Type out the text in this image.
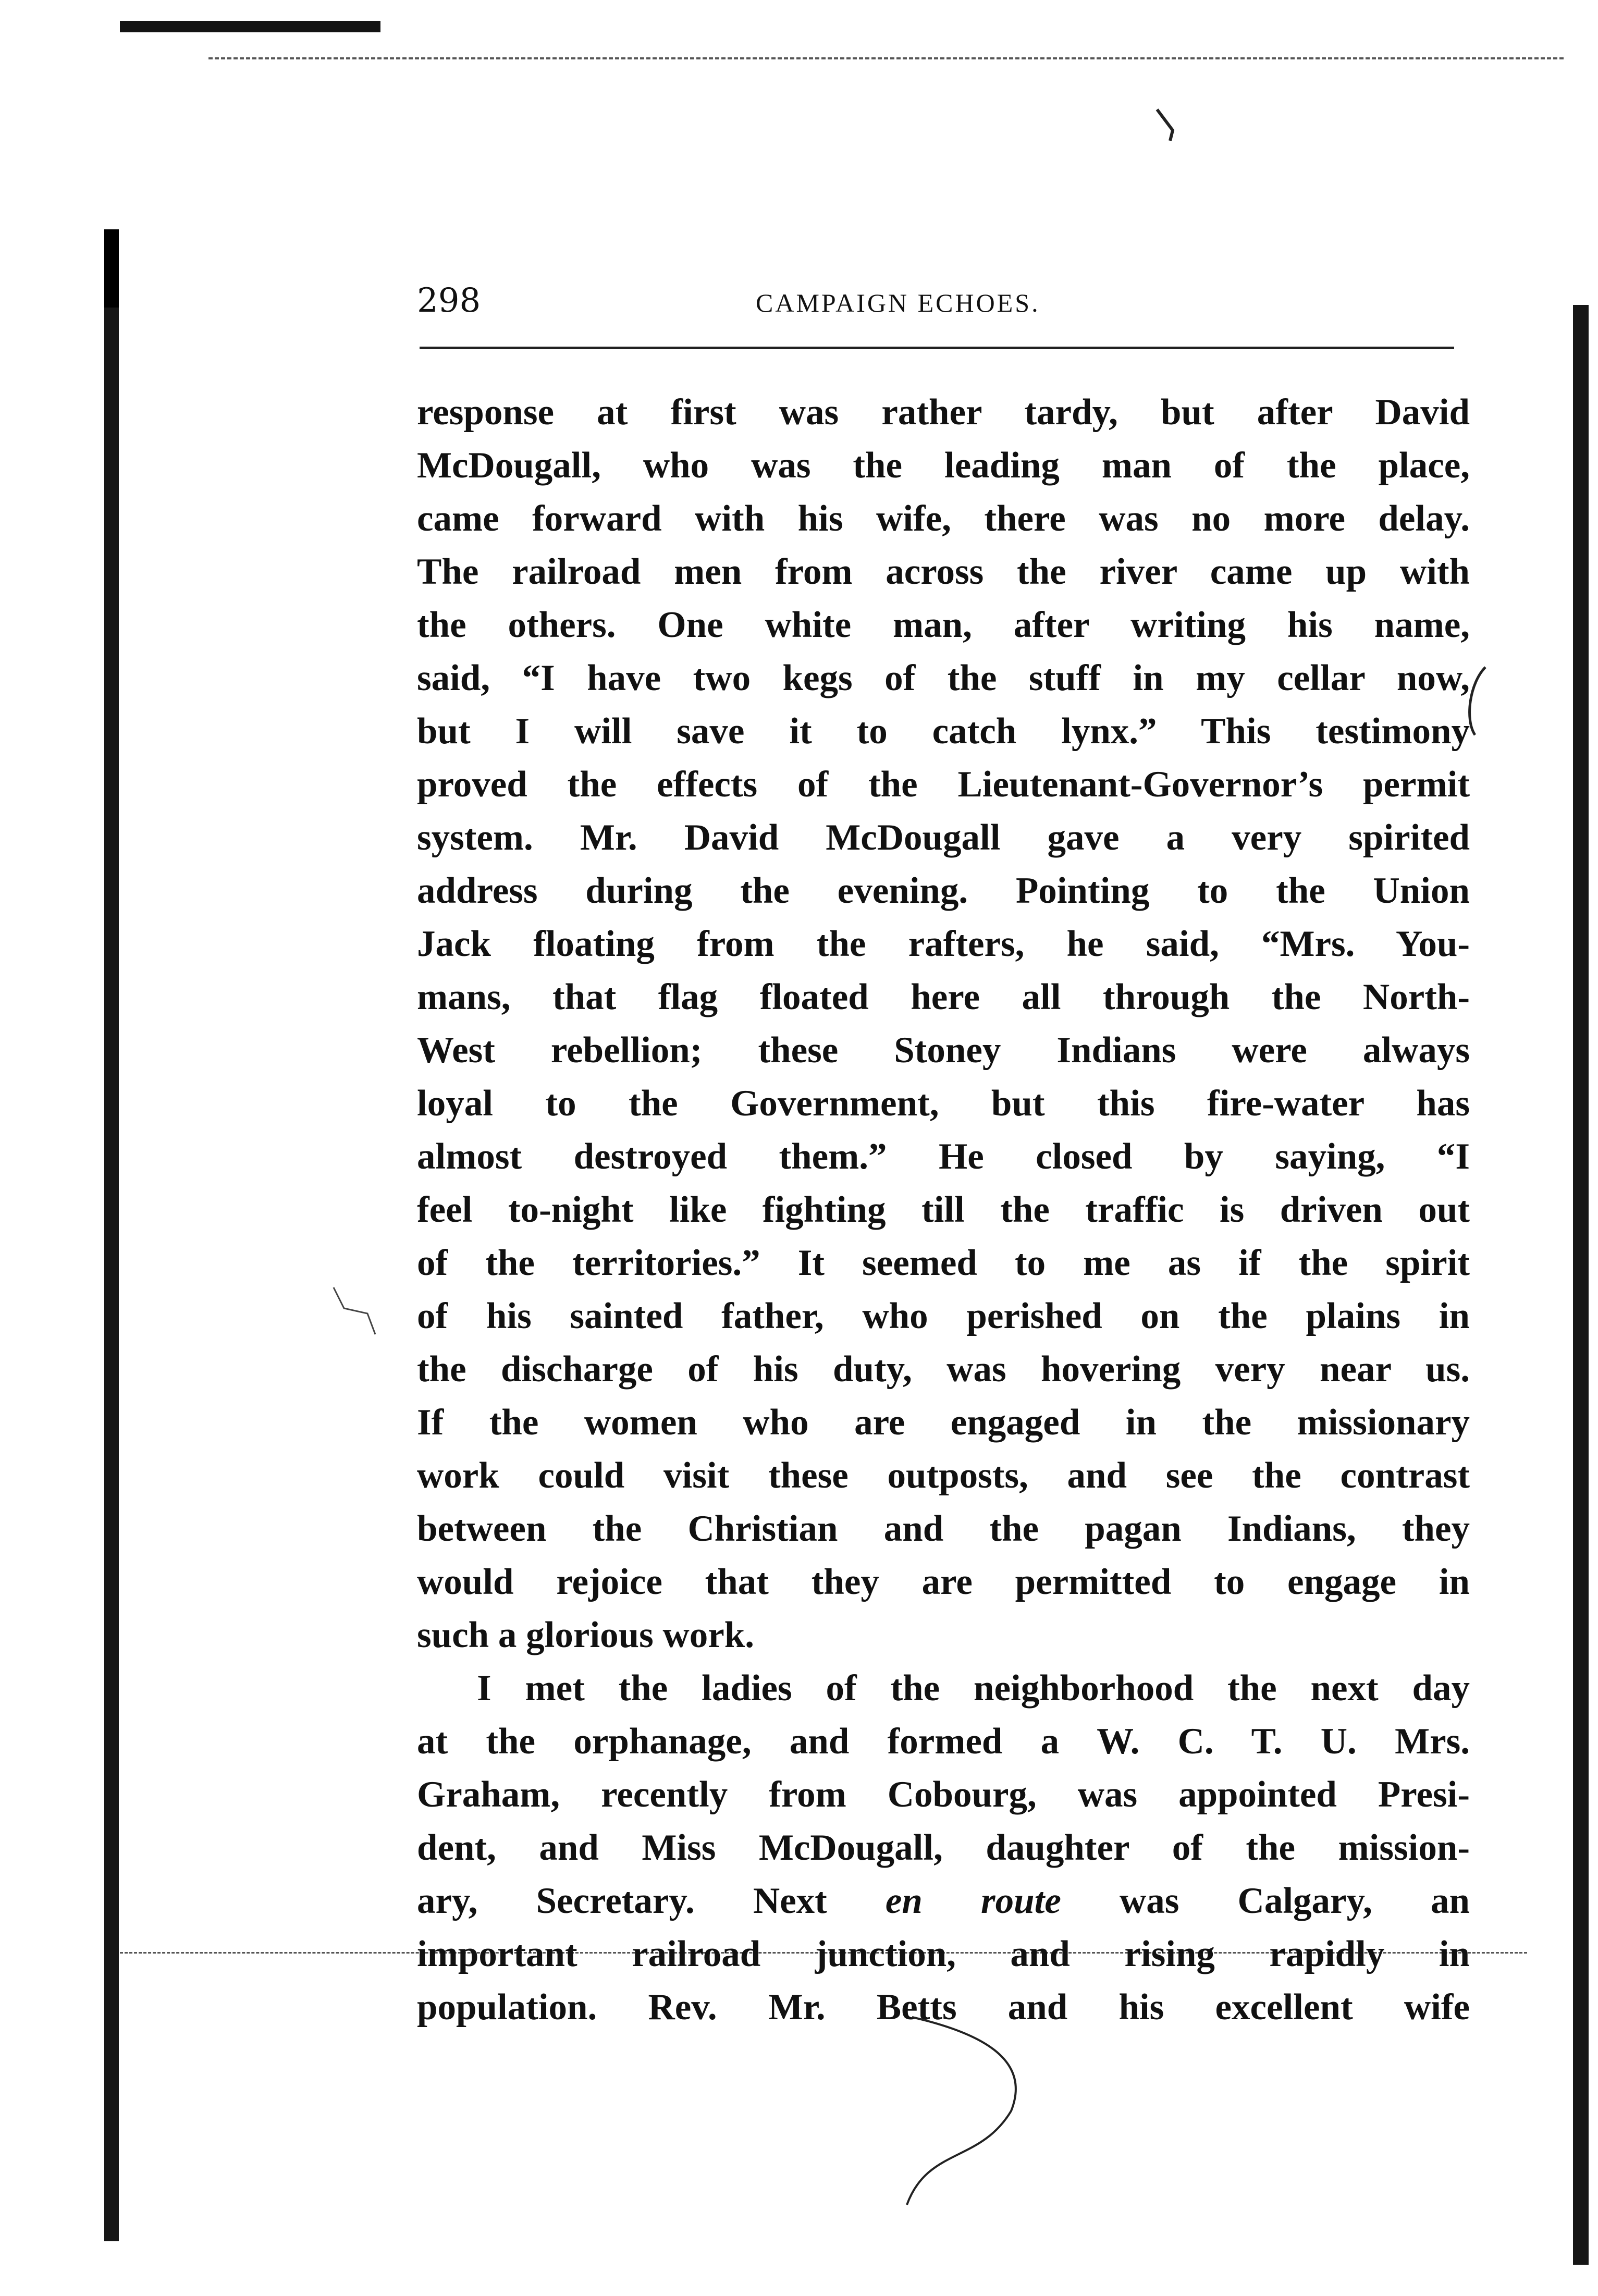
298	CAMPAIGN ECHOES.

response at first was rather tardy, but after David
McDougall, who was the leading man of the place,
came forward with his wife, there was no more delay.
The railroad men from across the river came up with
the others. One white man, after writing his name,
said, “I have two kegs of the stuff in my cellar now,
but I will save it to catch lynx.” This testimony
proved the effects of the Lieutenant-Governor’s permit
system. Mr. David McDougall gave a very spirited
address during the evening. Pointing to the Union
Jack floating from the rafters, he said, “Mrs. You-
mans, that flag floated here all through the North-
West rebellion; these Stoney Indians were always
loyal to the Government, but this fire-water has
almost destroyed them.” He closed by saying, “I
feel to-night like fighting till the traffic is driven out
of the territories.” It seemed to me as if the spirit
of his sainted father, who perished on the plains in
the discharge of his duty, was hovering very near us.
If the women who are engaged in the missionary
work could visit these outposts, and see the contrast
between the Christian and the pagan Indians, they
would rejoice that they are permitted to engage in
such a glorious work.

I met the ladies of the neighborhood the next day
at the orphanage, and formed a W. C. T. U. Mrs.
Graham, recently from Cobourg, was appointed Presi-
dent, and Miss McDougall, daughter of the mission-
ary, Secretary. Next en route was Calgary, an
important railroad junction, and rising rapidly in
population. Rev. Mr. Betts and his excellent wife
